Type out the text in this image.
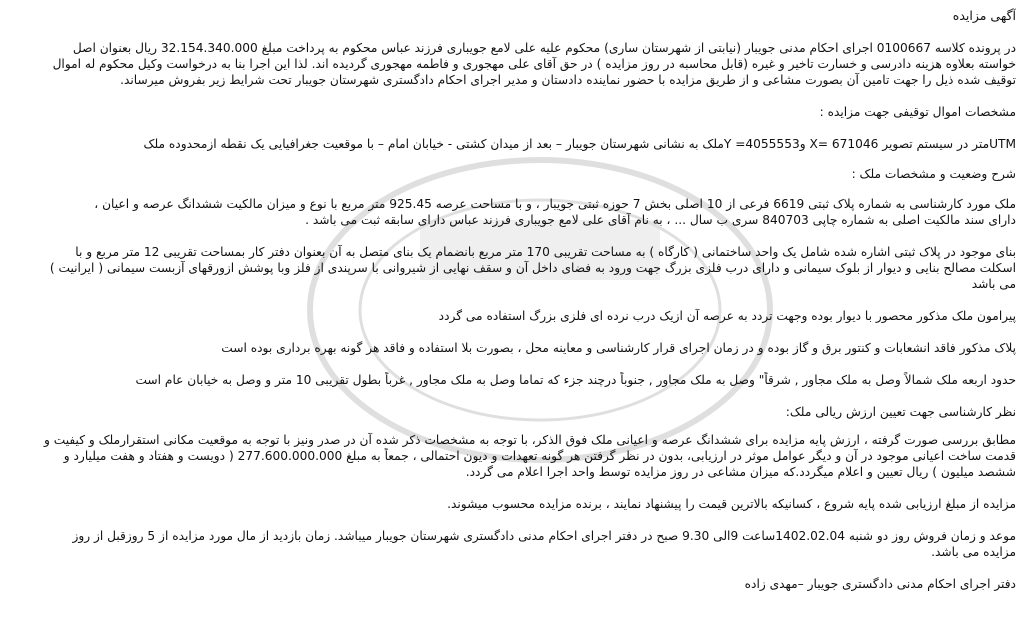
آگهی مزایده
در پرونده کلاسه 0100667 اجرای احکام مدنی جویبار (نیابتی از شهرستان ساری) محکوم علیه علی لامع جویباری فرزند عباس محکوم به پرداخت مبلغ 32.154.340.000 ریال بعنوان اصل
خواسته بعلاوه هزینه دادرسی و خسارت تاخیر و غیره (قابل محاسبه در روز مزایده ) در حق آقای علی مهجوری و فاطمه مهجوری گردیده اند. لذا این اجرا بنا به درخواست وکیل محکوم له اموال
توقیف شده ذیل را جهت تامین آن بصورت مشاعی و از طریق مزایده با حضور نماینده دادستان و مدیر اجرای احکام دادگستری شهرستان جویبار تحت شرایط زیر بفروش میرساند.
مشخصات اموال توقیفی جهت مزایده :
UTMمتر در سیستم تصویر X= 671046 وY =4055553ملک به نشانی شهرستان جویبار – بعد از میدان کشتی - خیابان امام – با موقعیت جغرافیایی یک نقطه ازمحدوده ملک
شرح وضعیت و مشخصات ملک :
ملک مورد کارشناسی به شماره پلاک ثبتی 6619 فرعی از 10 اصلی بخش 7 حوزه ثبتی جویبار ، و با مساحت عرصه 925.45 متر مربع با نوع و میزان مالکیت ششدانگ عرصه و اعیان ،
دارای سند مالکیت اصلی به شماره چاپی 840703 سری ب سال ... ، به نام آقای علی لامع جویباری فرزند عباس دارای سابقه ثبت می باشد .
بنای موجود در پلاک ثبتی اشاره شده شامل یک واحد ساختمانی ( کارگاه ) به مساحت تقریبی 170 متر مربع بانضمام یک بنای متصل به آن بعنوان دفتر کار بمساحت تقریبی 12 متر مربع و با
اسکلت مصالح بنایی و دیوار از بلوک سیمانی و دارای درب فلزی بزرگ جهت ورود به فضای داخل آن و سقف نهایی از شیروانی با سرپندی از فلز وبا پوشش ازورقهای آزبست سیمانی ( ایرانیت )
می باشد
پیرامون ملک مذکور محصور با دیوار بوده وجهت تردد به عرصه آن ازیک درب نرده ای فلزی بزرگ استفاده می گردد
پلاک مذکور فاقد انشعابات و کنتور برق و گاز بوده و در زمان اجرای قرار کارشناسی و معاینه محل ، بصورت بلا استفاده و فاقد هر گونه بهره برداری بوده است
حدود اربعه ملک شمالاً وصل به ملک مجاور , شرقاً" وصل به ملک مجاور , جنوباً درچند جزء که تماما وصل به ملک مجاور , غرباً بطول تقریبی 10 متر و وصل به خیابان عام است
نظر کارشناسی جهت تعیین ارزش ریالی ملک:
مطابق بررسی صورت گرفته ، ارزش پایه مزایده برای ششدانگ عرصه و اعیانی ملک فوق الذکر، با توجه به مشخصات ذکر شده آن در صدر ونیز با توجه به موقعیت مکانی استقرارملک و کیفیت و
قدمت ساخت اعیانی موجود در آن و دیگر عوامل موثر در ارزیابی، بدون در نظر گرفتن هر گونه تعهدات و دیون احتمالی ، جمعاً به مبلغ 277.600.000.000 ( دویست و هفتاد و هفت میلیارد و
ششصد میلیون ) ریال تعیین و اعلام میگردد.که میزان مشاعی در روز مزایده توسط واحد اجرا اعلام می گردد.
مزایده از مبلغ ارزیابی شده پایه شروع ، کسانیکه بالاترین قیمت را پیشنهاد نمایند ، برنده مزایده محسوب میشوند.
موعد و زمان فروش روز دو شنبه 1402.02.04ساعت 9الی 9.30 صبح در دفتر اجرای احکام مدنی دادگستری شهرستان جویبار میباشد. زمان بازدید از مال مورد مزایده از 5 روزقبل از روز
مزایده می باشد.
دفتر اجرای احکام مدنی دادگستری جویبار –مهدی زاده
